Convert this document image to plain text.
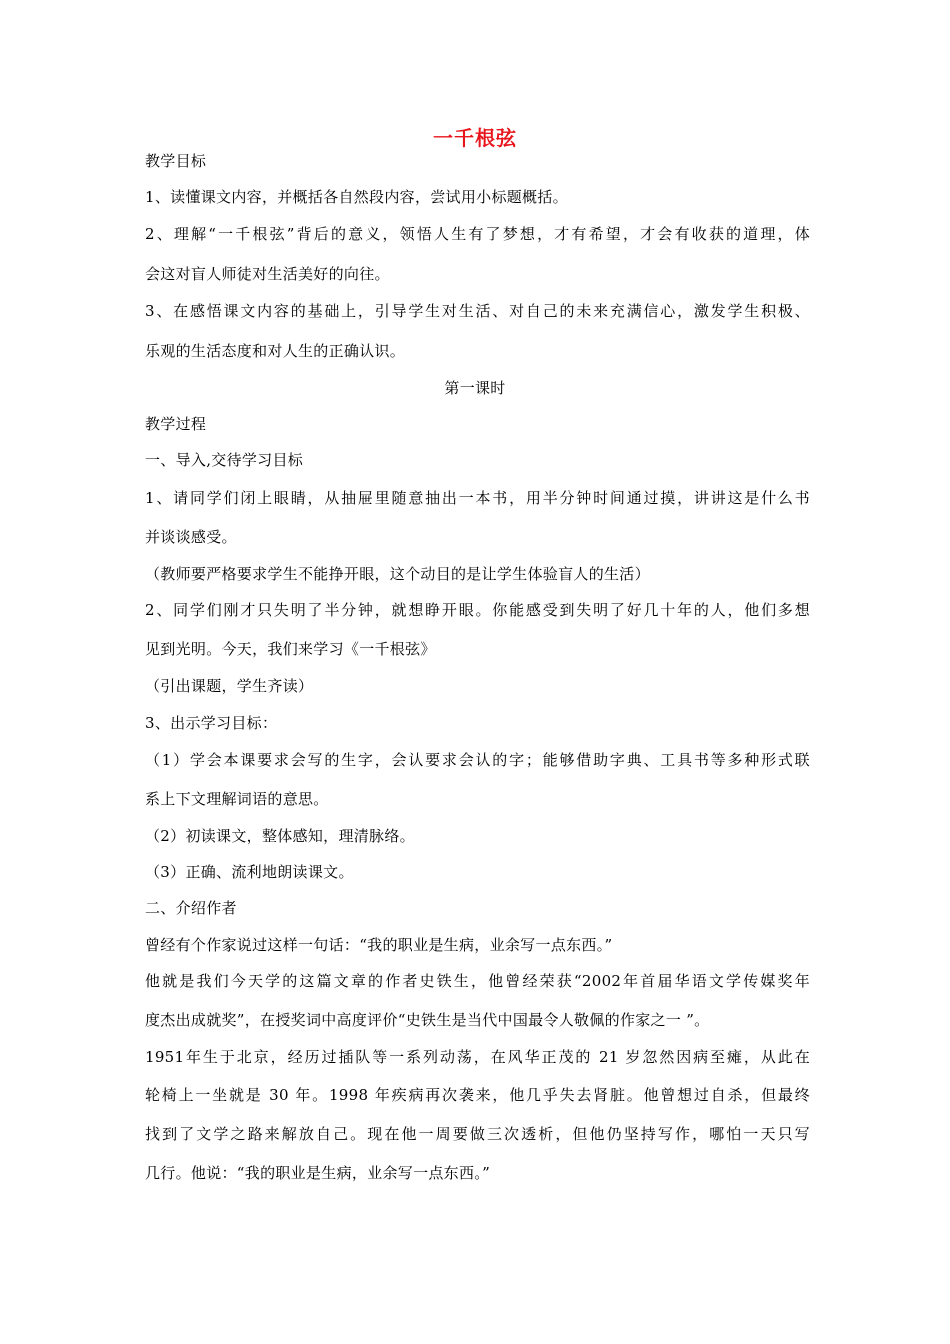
一千根弦
教学目标
1、读懂课文内容，并概括各自然段内容，尝试用小标题概括。
2、理解“一千根弦”背后的意义，领悟人生有了梦想，才有希望，才会有收获的道理，体
会这对盲人师徒对生活美好的向往。
3、在感悟课文内容的基础上，引导学生对生活、对自己的未来充满信心，激发学生积极、
乐观的生活态度和对人生的正确认识。
第一课时
教学过程
一、导入,交待学习目标
1、请同学们闭上眼睛，从抽屉里随意抽出一本书，用半分钟时间通过摸，讲讲这是什么书
并谈谈感受。
（教师要严格要求学生不能挣开眼，这个动目的是让学生体验盲人的生活）
2、同学们刚才只失明了半分钟，就想睁开眼。你能感受到失明了好几十年的人，他们多想
见到光明。今天，我们来学习《一千根弦》
（引出课题，学生齐读）
3、出示学习目标：
（1）学会本课要求会写的生字，会认要求会认的字；能够借助字典、工具书等多种形式联
系上下文理解词语的意思。
（2）初读课文，整体感知，理清脉络。
（3）正确、流利地朗读课文。
二、介绍作者
曾经有个作家说过这样一句话：“我的职业是生病，业余写一点东西。”
他就是我们今天学的这篇文章的作者史铁生，他曾经荣获“2002年首届华语文学传媒奖年
度杰出成就奖”，在授奖词中高度评价“史铁生是当代中国最令人敬佩的作家之一 ”。
1951年生于北京，经历过插队等一系列动荡，在风华正茂的 21 岁忽然因病至瘫，从此在
轮椅上一坐就是 30 年。1998 年疾病再次袭来，他几乎失去肾脏。他曾想过自杀，但最终
找到了文学之路来解放自己。现在他一周要做三次透析，但他仍坚持写作，哪怕一天只写
几行。他说：“我的职业是生病，业余写一点东西。”
